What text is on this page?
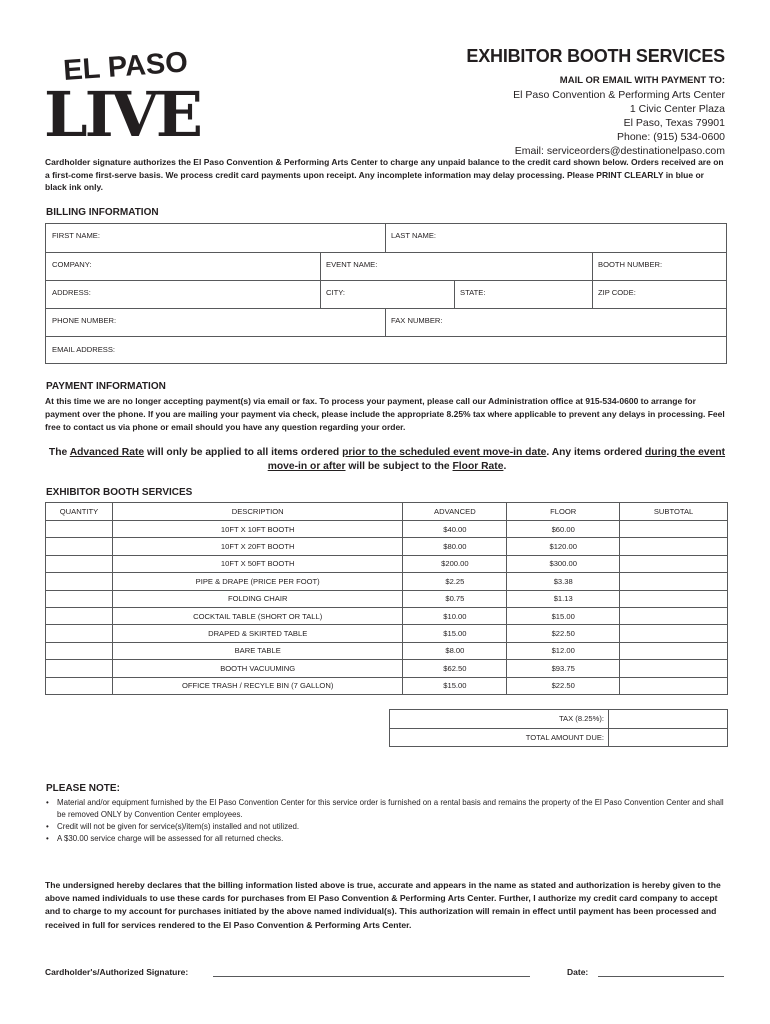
EL PASO
LIVE
EXHIBITOR BOOTH SERVICES
MAIL OR EMAIL WITH PAYMENT TO:
El Paso Convention & Performing Arts Center
1 Civic Center Plaza
El Paso, Texas 79901
Phone: (915) 534-0600
Email: serviceorders@destinationelpaso.com
Cardholder signature authorizes the El Paso Convention & Performing Arts Center to charge any unpaid balance to the credit card shown below. Orders received are on a first-come first-serve basis. We process credit card payments upon receipt. Any incomplete information may delay processing. Please PRINT CLEARLY in blue or black ink only.
BILLING INFORMATION
FIRST NAME:	LAST NAME:
COMPANY:	EVENT NAME:	BOOTH NUMBER:
ADDRESS:	CITY:	STATE:	ZIP CODE:
PHONE NUMBER:	FAX NUMBER:
EMAIL ADDRESS:
PAYMENT INFORMATION
At this time we are no longer accepting payment(s) via email or fax. To process your payment, please call our Administration office at 915-534-0600 to arrange for payment over the phone. If you are mailing your payment via check, please include the appropriate 8.25% tax where applicable to prevent any delays in processing. Feel free to contact us via phone or email should you have any question regarding your order.
The Advanced Rate will only be applied to all items ordered prior to the scheduled event move-in date. Any items ordered during the event move-in or after will be subject to the Floor Rate.
EXHIBITOR BOOTH SERVICES
QUANTITY	DESCRIPTION	ADVANCED	FLOOR	SUBTOTAL
	10FT X 10FT BOOTH	$40.00	$60.00	
	10FT X 20FT BOOTH	$80.00	$120.00	
	10FT X 50FT BOOTH	$200.00	$300.00	
	PIPE & DRAPE (PRICE PER FOOT)	$2.25	$3.38	
	FOLDING CHAIR	$0.75	$1.13	
	COCKTAIL TABLE (SHORT OR TALL)	$10.00	$15.00	
	DRAPED & SKIRTED TABLE	$15.00	$22.50	
	BARE TABLE	$8.00	$12.00	
	BOOTH VACUUMING	$62.50	$93.75	
	OFFICE TRASH / RECYLE BIN (7 GALLON)	$15.00	$22.50	
TAX (8.25%):	
TOTAL AMOUNT DUE:	
PLEASE NOTE:
• Material and/or equipment furnished by the El Paso Convention Center for this service order is furnished on a rental basis and remains the property of the El Paso Convention Center and shall be removed ONLY by Convention Center employees.
• Credit will not be given for service(s)/item(s) installed and not utilized.
• A $30.00 service charge will be assessed for all returned checks.
The undersigned hereby declares that the billing information listed above is true, accurate and appears in the name as stated and authorization is hereby given to the above named individuals to use these cards for purchases from El Paso Convention & Performing Arts Center. Further, I authorize my credit card company to accept and to charge to my account for purchases initiated by the above named individual(s). This authorization will remain in effect until payment has been processed and received in full for services rendered to the El Paso Convention & Performing Arts Center.
Cardholder's/Authorized Signature:	Date:
